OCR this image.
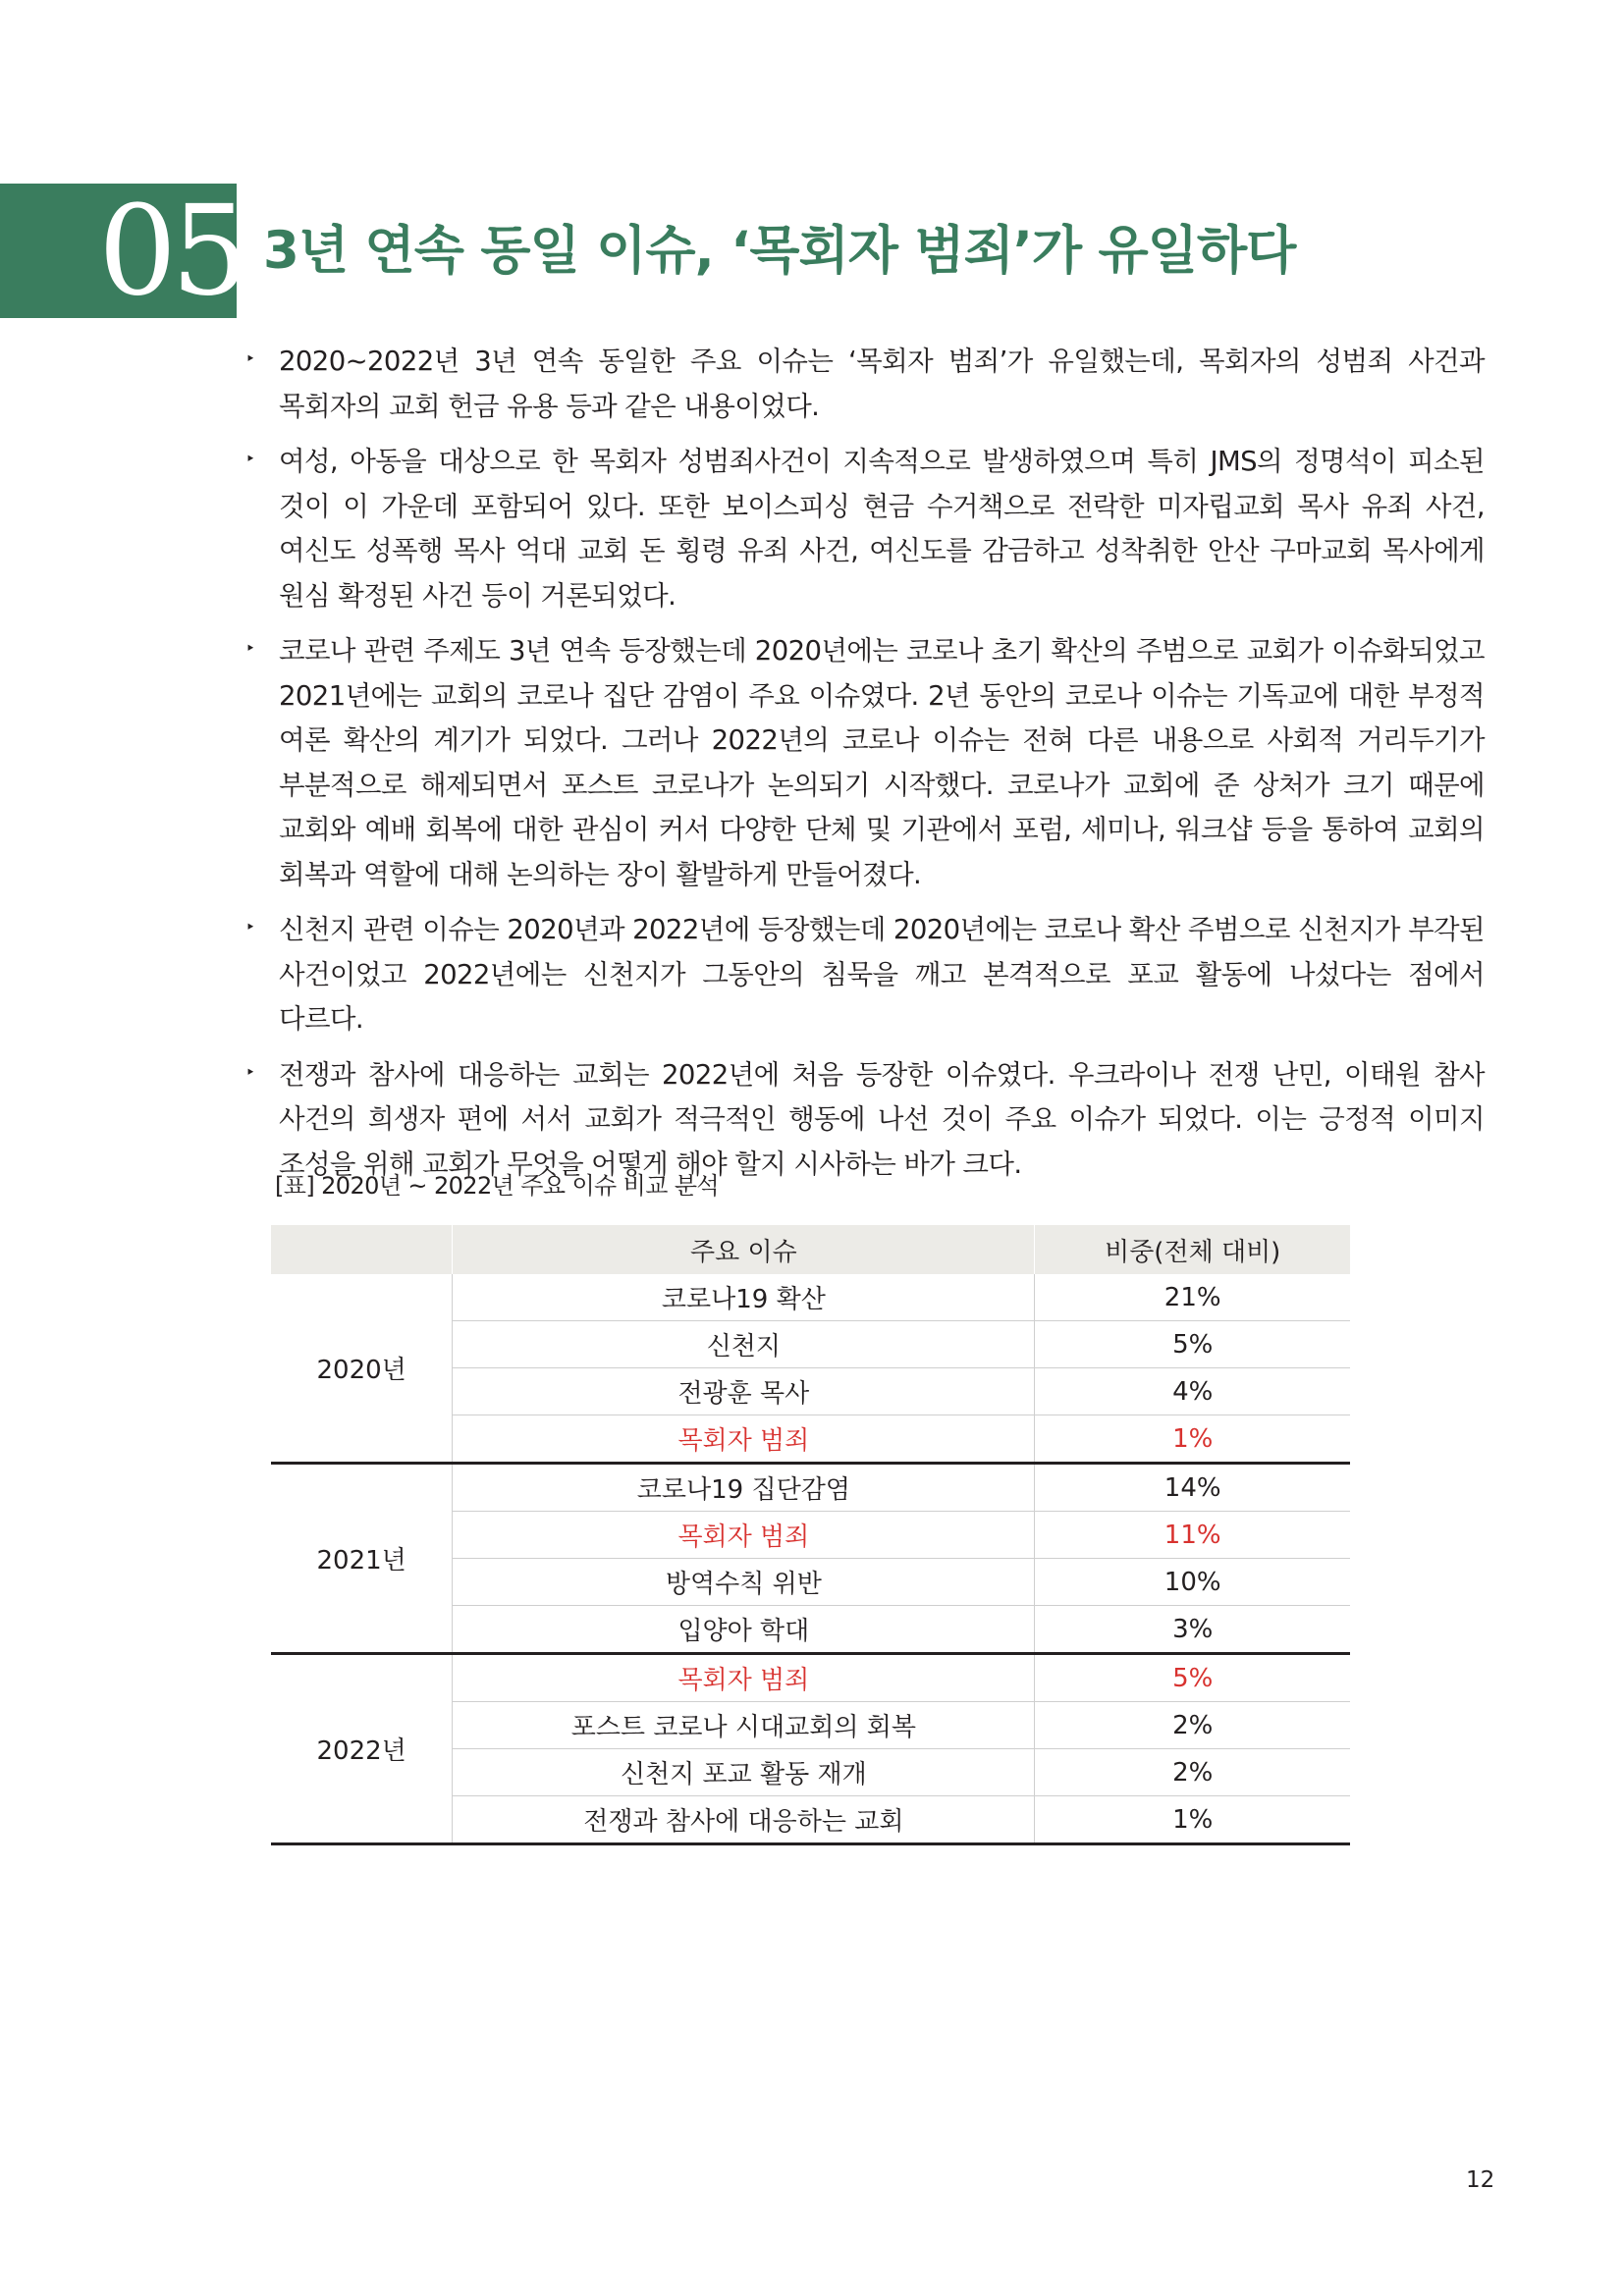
05 3년 연속 동일 이슈, ‘목회자 범죄’가 유일하다
‣ 2020~2022년 3년 연속 동일한 주요 이슈는 ‘목회자 범죄’가 유일했는데, 목회자의 성범죄 사건과 목회자의 교회 헌금 유용 등과 같은 내용이었다.
‣ 여성, 아동을 대상으로 한 목회자 성범죄사건이 지속적으로 발생하였으며 특히 JMS의 정명석이 피소된 것이 이 가운데 포함되어 있다. 또한 보이스피싱 현금 수거책으로 전락한 미자립교회 목사 유죄 사건, 여신도 성폭행 목사 억대 교회 돈 횡령 유죄 사건, 여신도를 감금하고 성착취한 안산 구마교회 목사에게 원심 확정된 사건 등이 거론되었다.
‣ 코로나 관련 주제도 3년 연속 등장했는데 2020년에는 코로나 초기 확산의 주범으로 교회가 이슈화되었고 2021년에는 교회의 코로나 집단 감염이 주요 이슈였다. 2년 동안의 코로나 이슈는 기독교에 대한 부정적 여론 확산의 계기가 되었다. 그러나 2022년의 코로나 이슈는 전혀 다른 내용으로 사회적 거리두기가 부분적으로 해제되면서 포스트 코로나가 논의되기 시작했다. 코로나가 교회에 준 상처가 크기 때문에 교회와 예배 회복에 대한 관심이 커서 다양한 단체 및 기관에서 포럼, 세미나, 워크샵 등을 통하여 교회의 회복과 역할에 대해 논의하는 장이 활발하게 만들어졌다.
‣ 신천지 관련 이슈는 2020년과 2022년에 등장했는데 2020년에는 코로나 확산 주범으로 신천지가 부각된 사건이었고 2022년에는 신천지가 그동안의 침묵을 깨고 본격적으로 포교 활동에 나섰다는 점에서 다르다.
‣ 전쟁과 참사에 대응하는 교회는 2022년에 처음 등장한 이슈였다. 우크라이나 전쟁 난민, 이태원 참사 사건의 희생자 편에 서서 교회가 적극적인 행동에 나선 것이 주요 이슈가 되었다. 이는 긍정적 이미지 조성을 위해 교회가 무엇을 어떻게 해야 할지 시사하는 바가 크다.
[표] 2020년 ~ 2022년 주요 이슈 비교 분석
	주요 이슈	비중(전체 대비)
2020년	코로나19 확산	21%
	신천지	5%
	전광훈 목사	4%
	목회자 범죄	1%
2021년	코로나19 집단감염	14%
	목회자 범죄	11%
	방역수칙 위반	10%
	입양아 학대	3%
2022년	목회자 범죄	5%
	포스트 코로나 시대교회의 회복	2%
	신천지 포교 활동 재개	2%
	전쟁과 참사에 대응하는 교회	1%
12
